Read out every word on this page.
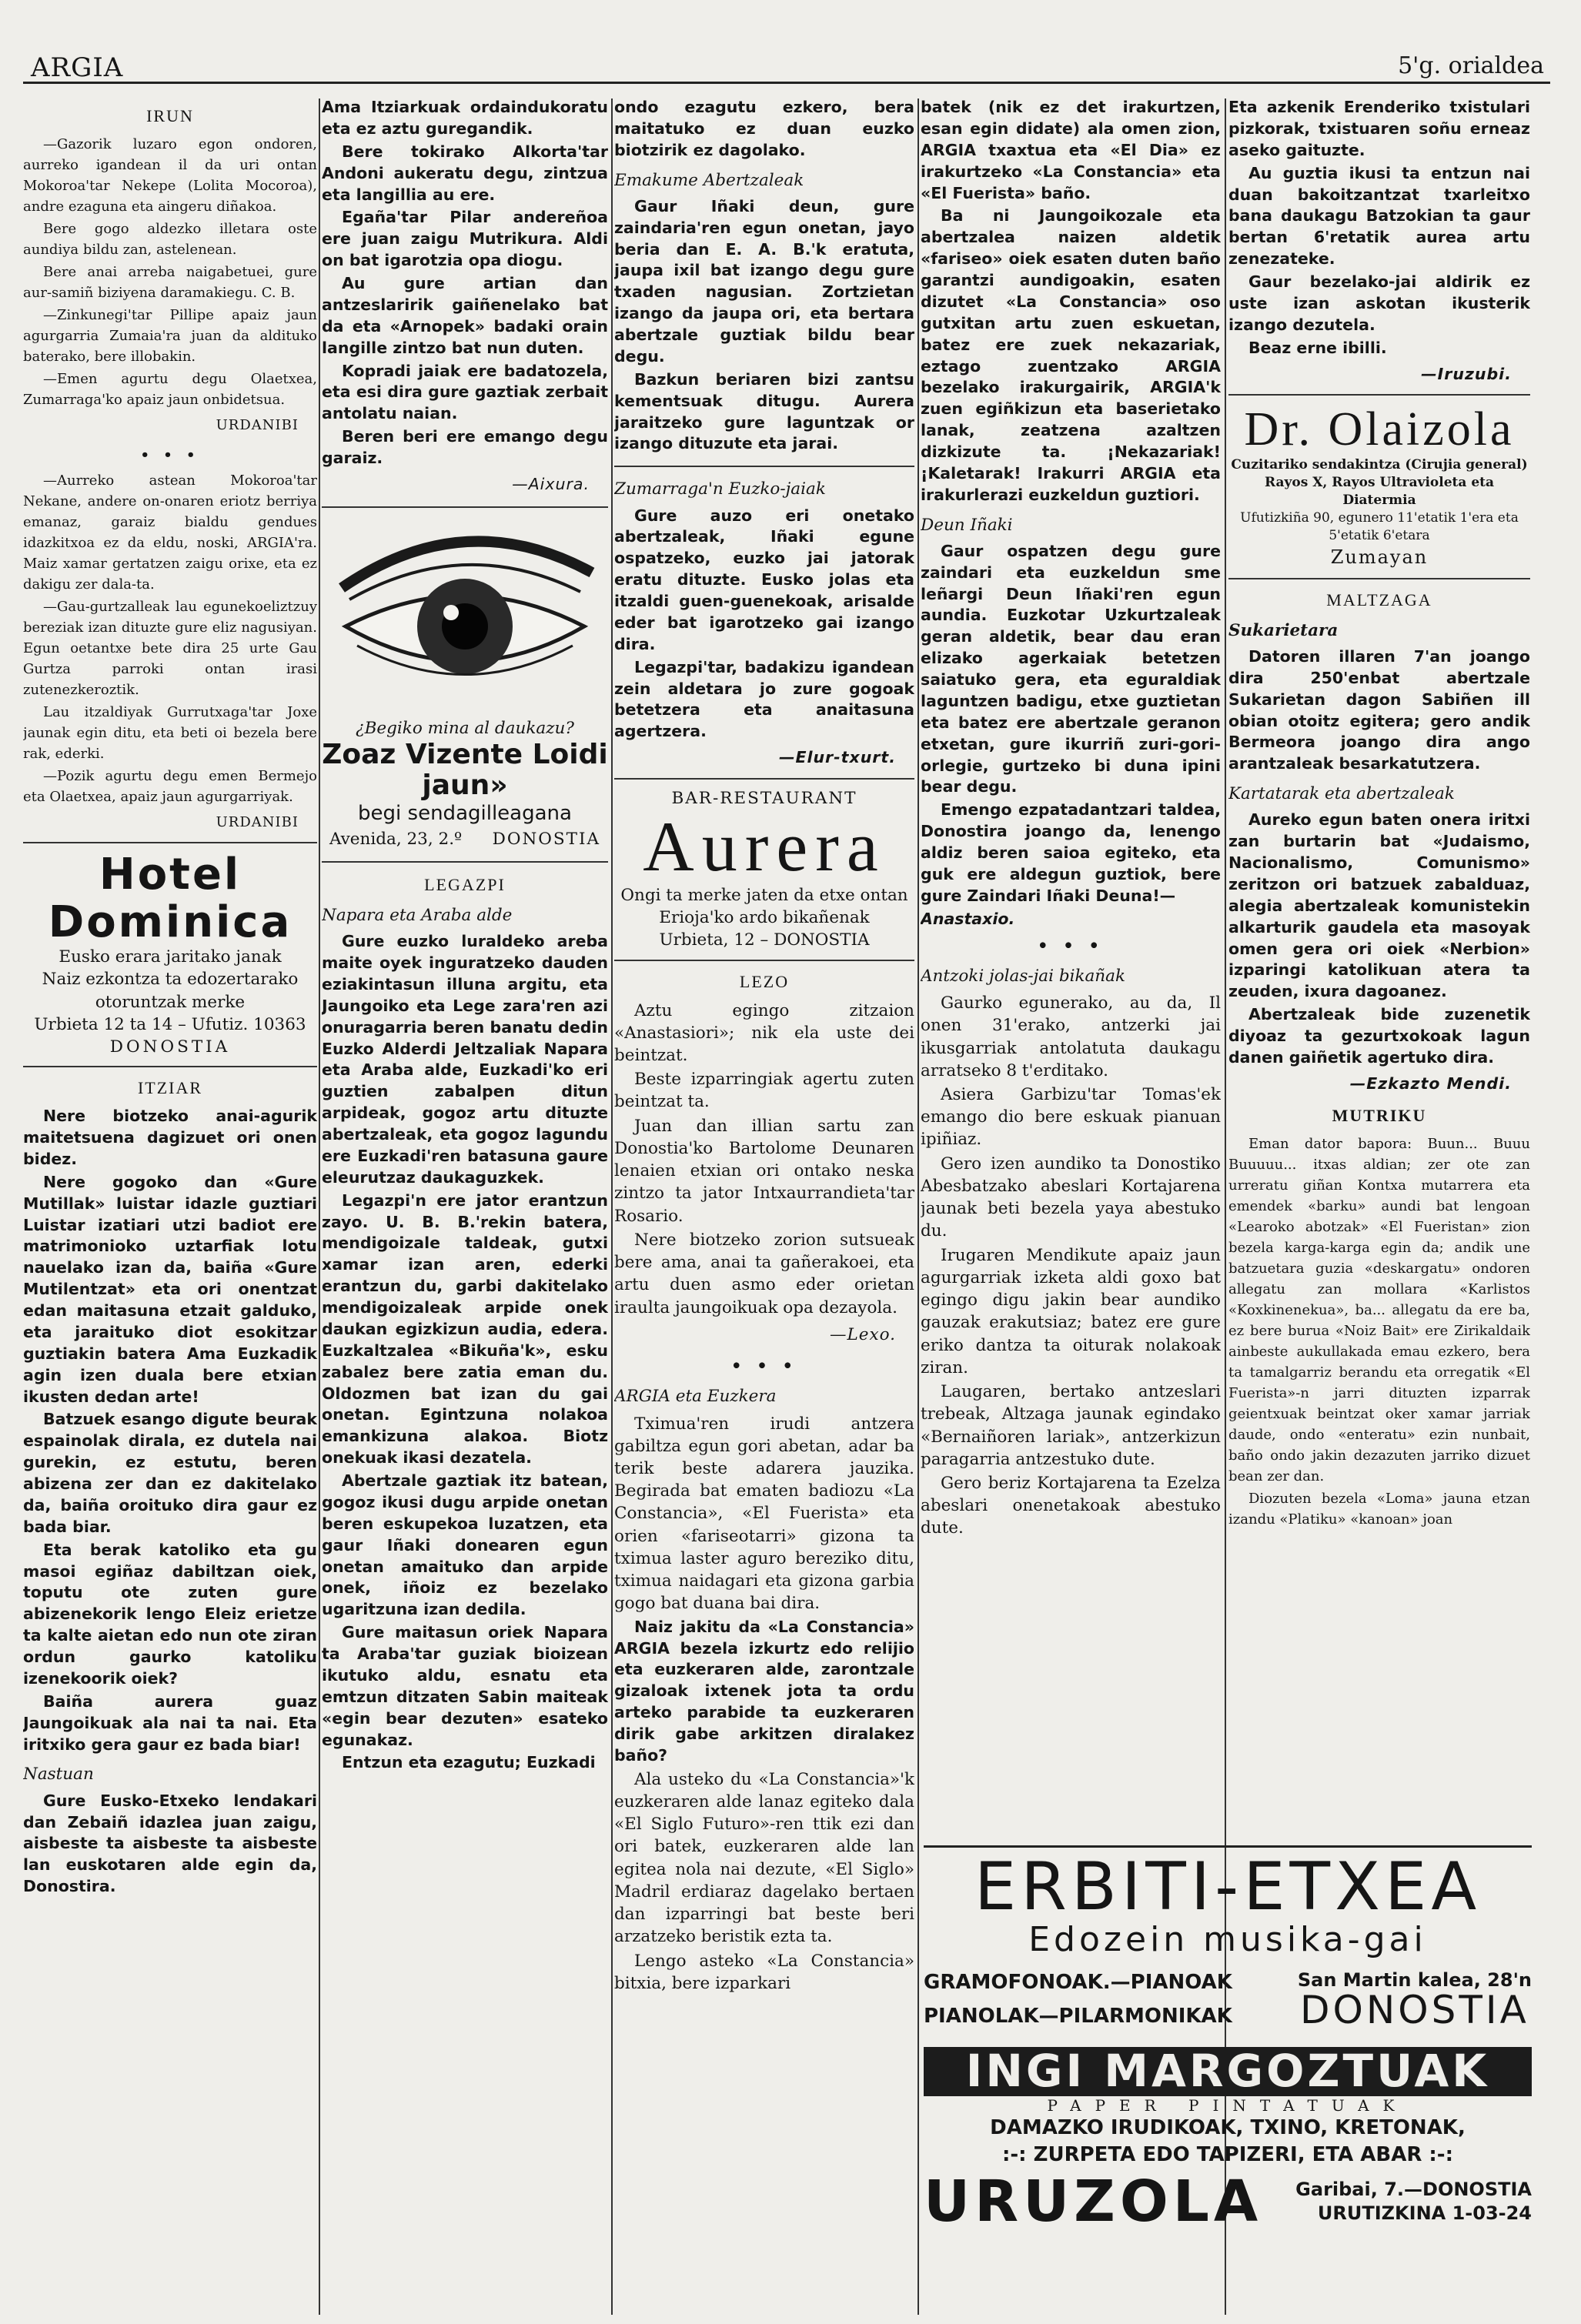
ARGIA	5'g. orialdea
IRUN

—Gazorik luzaro egon ondoren, aurreko igandean il da uri ontan Mokoroa'tar Nekepe (Lolita Mocoroa), andre ezaguna eta aingeru diñakoa.

Bere gogo aldezko illetara oste aundiya bildu zan, astelenean.

Bere anai arreba naigabetuei, gure aur-samiñ biziyena daramakiegu. C. B.

—Zinkunegi'tar Pillipe apaiz jaun agurgarria Zumaia'ra juan da aldituko baterako, bere illobakin.

—Emen agurtu degu Olaetxea, Zumarraga'ko apaiz jaun onbidetsua.

URDANIBI
• • •

—Aurreko astean Mokoroa'tar Nekane, andere on-onaren eriotz berriya emanaz, garaiz bialdu gendues idazkitxoa ez da eldu, noski, ARGIA'ra. Maiz xamar gertatzen zaigu orixe, eta ez dakigu zer dala-ta.

—Gau-gurtzalleak lau egunekoeliztzuy bereziak izan dituzte gure eliz nagusiyan. Egun oetantxe bete dira 25 urte Gau Gurtza parroki ontan irasi zutenezkeroztik.

Lau itzaldiyak Gurrutxaga'tar Joxe jaunak egin ditu, eta beti oi bezela bere rak, ederki.

—Pozik agurtu degu emen Bermejo eta Olaetxea, apaiz jaun agurgarriyak.

URDANIBI
Hotel Dominica
Eusko erara jaritako janak
Naiz ezkontza ta edozertarako otoruntzak merke
Urbieta 12 ta 14 – Ufutiz. 10363
DONOSTIA
ITZIAR

Nere biotzeko anai-agurik maitetsuena dagizuet ori onen bidez.

Nere gogoko dan «Gure Mutillak» luistar idazle guztiari Luistar izatiari utzi badiot ere matrimonioko uztarfiak lotu nauelako izan da, baiña «Gure Mutilentzat» eta ori onentzat edan maitasuna etzait galduko, eta jaraituko diot esokitzar guztiakin batera Ama Euzkadik agin izen duala bere etxian ikusten dedan arte!

Batzuek esango digute beurak espainolak dirala, ez dutela nai gurekin, ez estutu, beren abizena zer dan ez dakitelako da, baiña oroituko dira gaur ez bada biar.

Eta berak katoliko eta gu masoi egiñaz dabiltzan oiek, toputu ote zuten gure abizenekorik lengo Eleiz erietze ta kalte aietan edo nun ote ziran ordun gaurko katoliku izenekoorik oiek?

Baiña aurera guaz Jaungoikuak ala nai ta nai. Eta iritxiko gera gaur ez bada biar!

Nastuan

Gure Eusko-Etxeko lendakari dan Zebaiñ idazlea juan zaigu, aisbeste ta aisbeste ta aisbeste lan euskotaren alde egin da, Donostira.

Ama Itziarkuak ordaindukoratu eta ez aztu guregandik.

Bere tokirako Alkorta'tar Andoni aukeratu degu, zintzua eta langillia au ere.

Egaña'tar Pilar andereñoa ere juan zaigu Mutrikura. Aldi on bat igarotzia opa diogu.

Au gure artian dan antzeslaririk gaiñenelako bat da eta «Arnopek» badaki orain langille zintzo bat nun duten.

Kopradi jaiak ere badatozela, eta esi dira gure gaztiak zerbait antolatu naian.

Beren beri ere emango degu garaiz.

—Aixura.
¿Begiko mina al daukazu?
Zoaz Vizente Loidi jaun»
begi sendagilleagana
Avenida, 23, 2.º DONOSTIA
LEGAZPI
Napara eta Araba alde

Gure euzko luraldeko areba maite oyek inguratzeko dauden eziakintasun illuna argitu, eta Jaungoiko eta Lege zara'ren azi onuragarria beren banatu dedin Euzko Alderdi Jeltzaliak Napara eta Araba alde, Euzkadi'ko eri guztien zabalpen ditun arpideak, gogoz artu dituzte abertzaleak, eta gogoz lagundu ere Euzkadi'ren batasuna gaure eleurutzaz daukaguzkek.

Legazpi'n ere jator erantzun zayo. U. B. B.'rekin batera, mendigoizale taldeak, gutxi xamar izan aren, ederki erantzun du, garbi dakitelako mendigoizaleak arpide onek daukan egizkizun audia, edera. Euzkaltzalea «Bikuña'k», esku zabalez bere zatia eman du. Oldozmen bat izan du gai onetan. Egintzuna nolakoa emankizuna alakoa. Biotz onekuak ikasi dezatela.

Abertzale gaztiak itz batean, gogoz ikusi dugu arpide onetan beren eskupekoa luzatzen, eta gaur Iñaki donearen egun onetan amaituko dan arpide onek, iñoiz ez bezelako ugaritzuna izan dedila.

Gure maitasun oriek Napara ta Araba'tar guziak bioizean ikutuko aldu, esnatu eta emtzun ditzaten Sabin maiteak «egin bear dezuten» esateko egunakaz.

Entzun eta ezagutu; Euzkadi

ondo ezagutu ezkero, bera maitatuko ez duan euzko biotzirik ez dagolako.

Emakume Abertzaleak

Gaur Iñaki deun, gure zaindaria'ren egun onetan, jayo beria dan E. A. B.'k eratuta, jaupa ixil bat izango degu gure txaden nagusian. Zortzietan izango da jaupa ori, eta bertara abertzale guztiak bildu bear degu.

Bazkun beriaren bizi zantsu kementsuak ditugu. Aurera jaraitzeko gure laguntzak or izango dituzute eta jarai.

Zumarraga'n Euzko-jaiak

Gure auzo eri onetako abertzaleak, Iñaki egune ospatzeko, euzko jai jatorak eratu dituzte. Eusko jolas eta itzaldi guen-guenekoak, arisalde eder bat igarotzeko gai izango dira.

Legazpi'tar, badakizu igandean zein aldetara jo zure gogoak betetzera eta anaitasuna agertzera.

—Elur-txurt.
BAR-RESTAURANT
Aurera
Ongi ta merke jaten da etxe ontan
Erioja'ko ardo bikañenak
Urbieta, 12 – DONOSTIA
LEZO

Aztu egingo zitzaion «Anastasiori»; nik ela uste dei beintzat.

Beste izparringiak agertu zuten beintzat ta.

Juan dan illian sartu zan Donostia'ko Bartolome Deunaren lenaien etxian ori ontako neska zintzo ta jator Intxaurrandieta'tar Rosario.

Nere biotzeko zorion sutsueak bere ama, anai ta gañerakoei, eta artu duen asmo eder orietan iraulta jaungoikuak opa dezayola.

—Lexo.
• • •
ARGIA eta Euzkera

Tximua'ren irudi antzera gabiltza egun gori abetan, adar ba terik beste adarera jauzika. Begirada bat ematen badiozu «La Constancia», «El Fuerista» eta orien «fariseotarri» gizona ta tximua laster aguro bereziko ditu, tximua naidagari eta gizona garbia gogo bat duana bai dira.

Naiz jakitu da «La Constancia» ARGIA bezela izkurtz edo relijio eta euzkeraren alde, zarontzale gizaloak ixtenek jota ta ordu arteko parabide ta euzkeraren dirik gabe arkitzen diralakez baño?

Ala usteko du «La Constancia»'k euzkeraren alde lanaz egiteko dala «El Siglo Futuro»-ren ttik ezi dan ori batek, euzkeraren alde lan egitea nola nai dezute, «El Siglo» Madril erdiaraz dagelako bertaen dan izparringi bat beste beri arzatzeko beristik ezta ta.

Lengo asteko «La Constancia» bitxia, bere izparkari

batek (nik ez det irakurtzen, esan egin didate) ala omen zion, ARGIA txaxtua eta «El Dia» ez irakurtzeko «La Constancia» eta «El Fuerista» baño.

Ba ni Jaungoikozale eta abertzalea naizen aldetik «fariseo» oiek esaten duten baño garantzi aundigoakin, esaten dizutet «La Constancia» oso gutxitan artu zuen eskuetan, batez ere zuek nekazariak, eztago zuentzako ARGIA bezelako irakurgairik, ARGIA'k zuen egiñkizun eta baserietako lanak, zeatzena azaltzen dizkizute ta. ¡Nekazariak! ¡Kaletarak! Irakurri ARGIA eta irakurlerazi euzkeldun guztiori.

Deun Iñaki

Gaur ospatzen degu gure zaindari eta euzkeldun sme leñargi Deun Iñaki'ren egun aundia. Euzkotar Uzkurtzaleak geran aldetik, bear dau eran elizako agerkaiak betetzen saiatuko gera, eta eguraldiak laguntzen badigu, etxe guztietan eta batez ere abertzale geranon etxetan, gure ikurriñ zuri-gori-orlegie, gurtzeko bi duna ipini bear degu.

Emengo ezpatadantzari taldea, Donostira joango da, lenengo aldiz beren saioa egiteko, eta guk ere aldegun guztiok, bere gure Zaindari Iñaki Deuna!—

Anastaxio.
• • •
Antzoki jolas-jai bikañak

Gaurko egunerako, au da, Il onen 31'erako, antzerki jai ikusgarriak antolatuta daukagu arratseko 8 t'erditako.

Asiera Garbizu'tar Tomas'ek emango dio bere eskuak pianuan ipiñiaz.

Gero izen aundiko ta Donostiko Abesbatzako abeslari Kortajarena jaunak beti bezela yaya abestuko du.

Irugaren Mendikute apaiz jaun agurgarriak izketa aldi goxo bat egingo digu jakin bear aundiko gauzak erakutsiaz; batez ere gure eriko dantza ta oiturak nolakoak ziran.

Laugaren, bertako antzeslari trebeak, Altzaga jaunak egindako «Bernaiñoren lariak», antzerkizun paragarria antzestuko dute.

Gero beriz Kortajarena ta Ezelza abeslari onenetakoak abestuko dute.

Eta azkenik Erenderiko txistulari pizkorak, txistuaren soñu erneaz aseko gaituzte.

Au guztia ikusi ta entzun nai duan bakoitzantzat txarleitxo bana daukagu Batzokian ta gaur bertan 6'retatik aurea artu zenezateke.

Gaur bezelako-jai aldirik ez uste izan askotan ikusterik izango dezutela.

Beaz erne ibilli.

—Iruzubi.
Dr. Olaizola
Cuzitariko sendakintza (Cirujia general)
Rayos X, Rayos Ultravioleta eta Diatermia
Ufutizkiña 90, egunero 11'etatik 1'era eta 5'etatik 6'etara
Zumayan
MALTZAGA
Sukarietara

Datoren illaren 7'an joango dira 250'enbat abertzale Sukarietan dagon Sabiñen ill obian otoitz egitera; gero andik Bermeora joango dira ango arantzaleak besarkatutzera.

Kartatarak eta abertzaleak

Aureko egun baten onera iritxi zan burtarin bat «Judaismo, Nacionalismo, Comunismo» zeritzon ori batzuek zabalduaz, alegia abertzaleak komunistekin alkarturik gaudela eta masoyak omen gera ori oiek «Nerbion» izparingi katolikuan atera ta zeuden, ixura dagoanez.

Abertzaleak bide zuzenetik diyoaz ta gezurtxokoak lagun danen gaiñetik agertuko dira.

—Ezkazto Mendi.
MUTRIKU

Eman dator bapora: Buun... Buuu Buuuuu... itxas aldian; zer ote zan urreratu giñan Kontxa mutarrera eta emendek «barku» aundi bat lengoan «Learoko abotzak» «El Fueristan» zion bezela karga-karga egin da; andik une batzuetara guzia «deskargatu» ondoren allegatu zan mollara «Karlistos «Koxkinenekua», ba... allegatu da ere ba, ez bere burua «Noiz Bait» ere Zirikaldaik ainbeste aukullakada emau ezkero, bera ta tamalgarriz berandu eta orregatik «El Fuerista»-n jarri dituzten izparrak geientxuak beintzat oker xamar jarriak daude, ondo «enteratu» ezin nunbait, baño ondo jakin dezazuten jarriko dizuet bean zer dan.

Diozuten bezela «Loma» jauna etzan izandu «Platiku» «kanoan» joan

ERBITI-ETXEA
Edozein musika-gai
GRAMOFONOAK.—PIANOAK
PIANOLAK—PILARMONIKAK
San Martin kalea, 28'n
DONOSTIA
INGI MARGOZTUAK
PAPER PINTATUAK
DAMAZKO IRUDIKOAK, TXINO, KRETONAK,
:-: ZURPETA EDO TAPIZERI, ETA ABAR :-:
URUZOLA Garibai, 7.—DONOSTIA
URUTIZKINA 1-03-24
